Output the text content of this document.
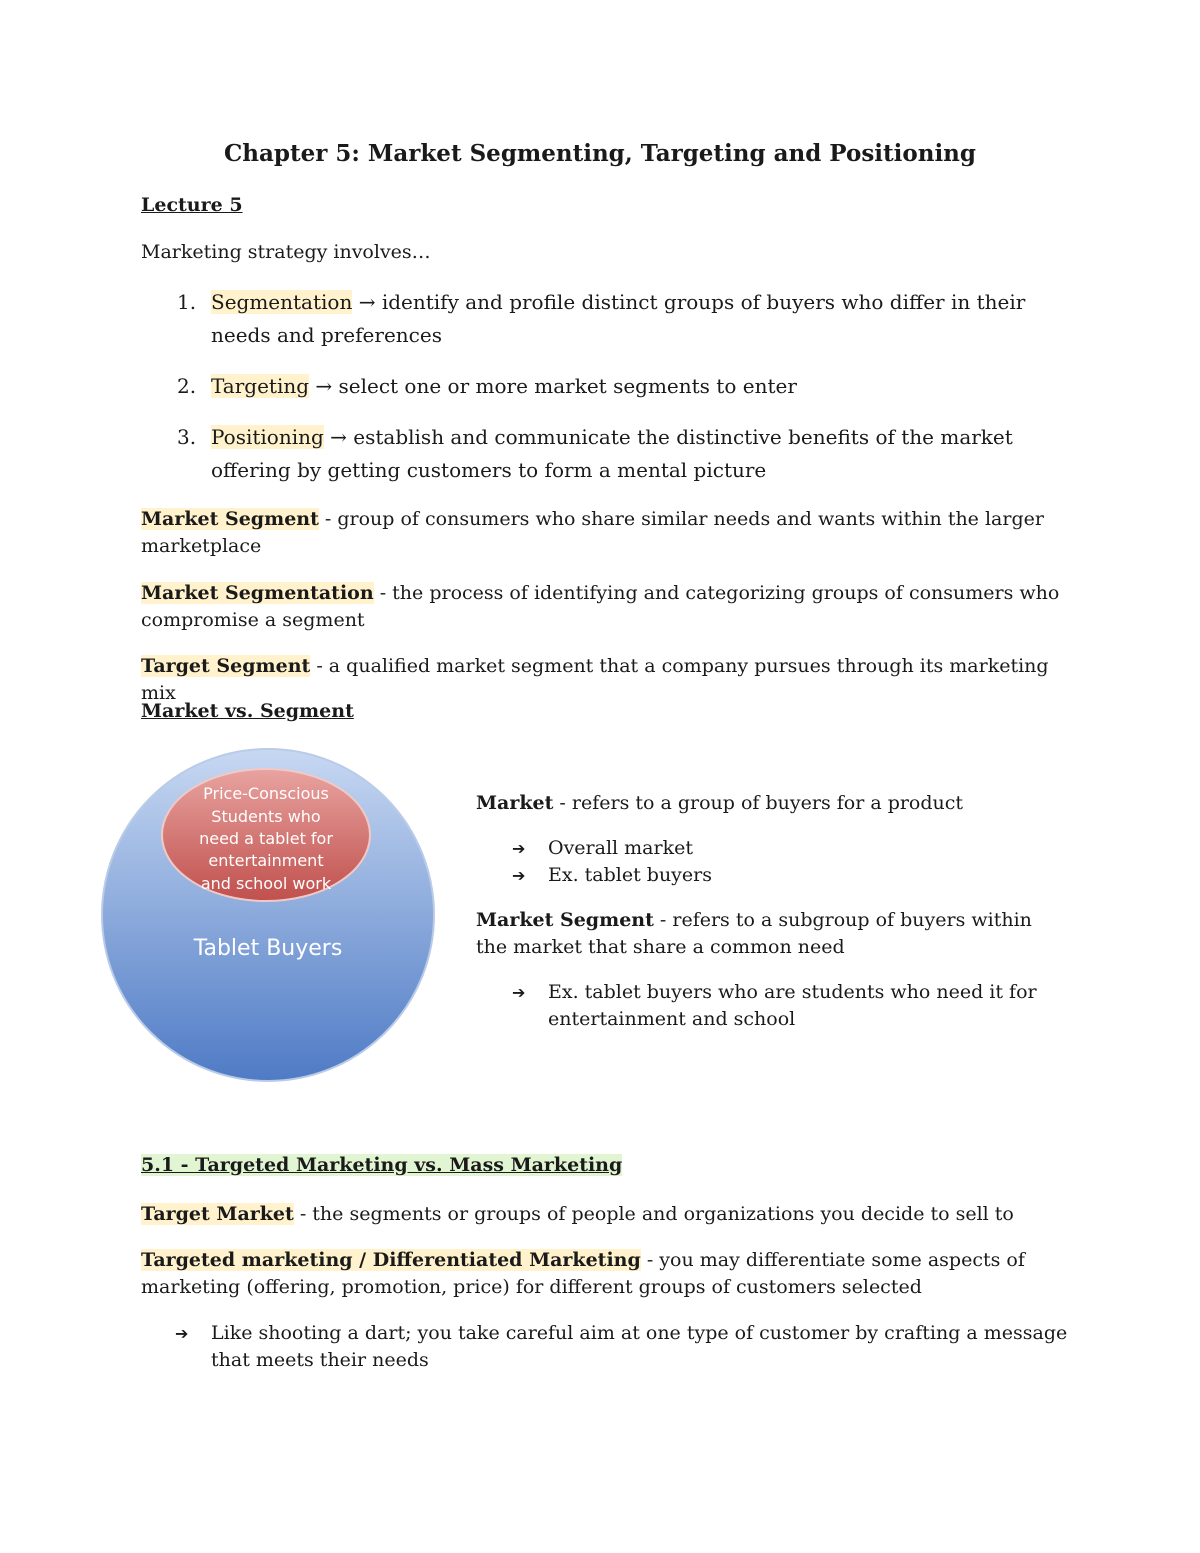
Chapter 5: Market Segmenting, Targeting and Positioning
Lecture 5
Marketing strategy involves…
1. Segmentation → identify and profile distinct groups of buyers who differ in their needs and preferences
2. Targeting → select one or more market segments to enter
3. Positioning → establish and communicate the distinctive benefits of the market offering by getting customers to form a mental picture
Market Segment - group of consumers who share similar needs and wants within the larger marketplace
Market Segmentation - the process of identifying and categorizing groups of consumers who compromise a segment
Target Segment - a qualified market segment that a company pursues through its marketing mix
Market vs. Segment
Price-Conscious
Students who
need a tablet for
entertainment
and school work
Tablet Buyers

Market - refers to a group of buyers for a product

➔ Overall market
➔ Ex. tablet buyers

Market Segment - refers to a subgroup of buyers within the market that share a common need

➔ Ex. tablet buyers who are students who need it for entertainment and school
5.1 - Targeted Marketing vs. Mass Marketing
Target Market - the segments or groups of people and organizations you decide to sell to
Targeted marketing / Differentiated Marketing - you may differentiate some aspects of marketing (offering, promotion, price) for different groups of customers selected
➔ Like shooting a dart; you take careful aim at one type of customer by crafting a message that meets their needs
